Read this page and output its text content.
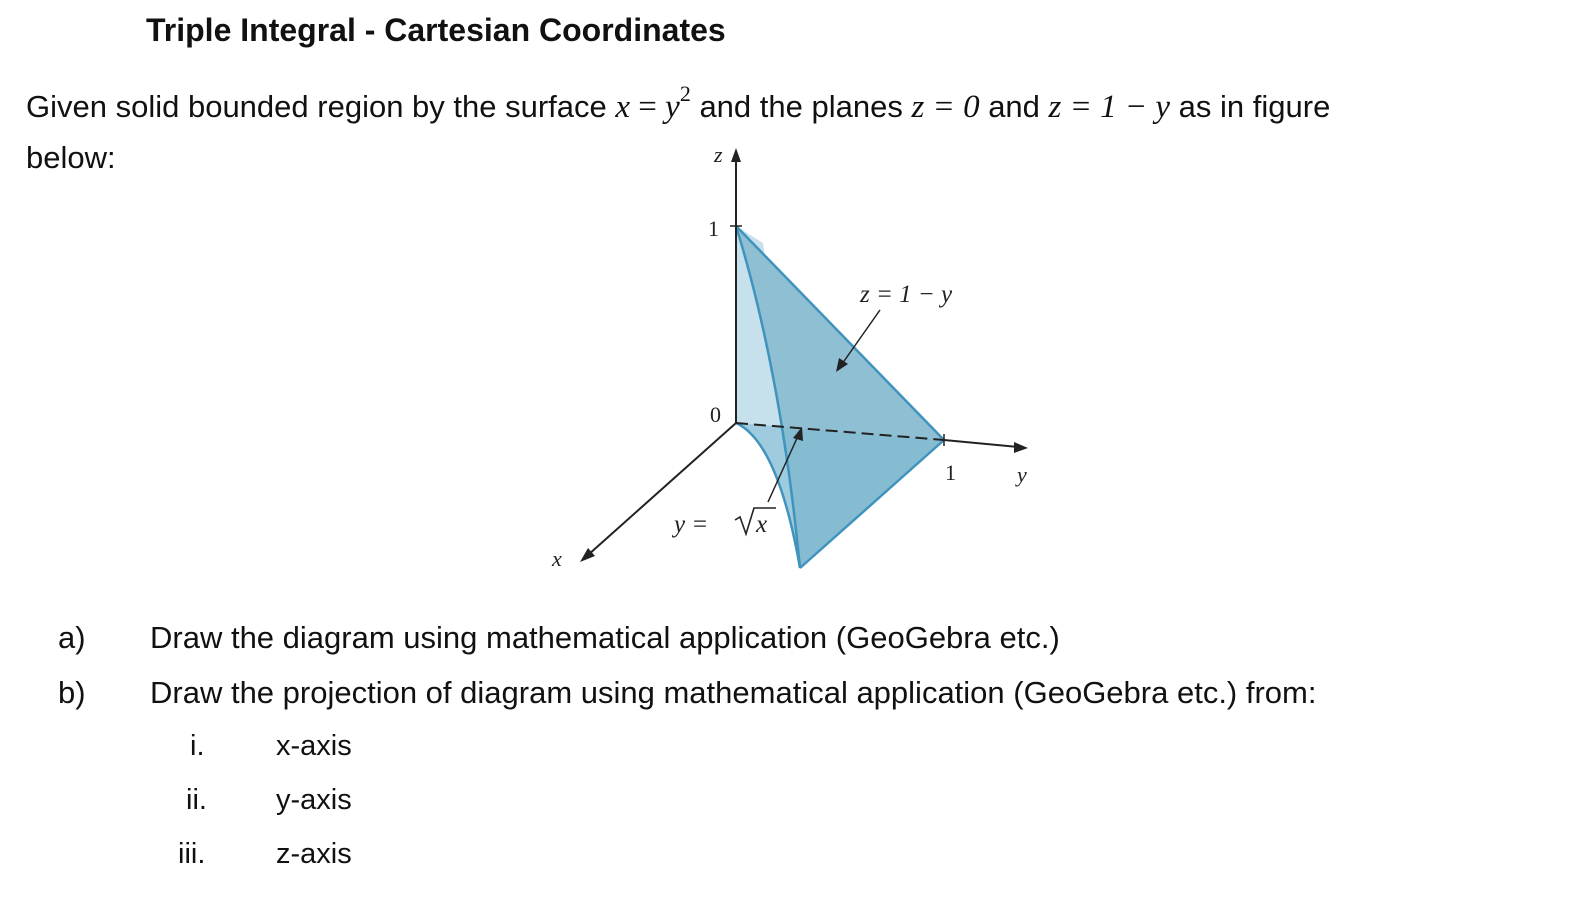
Triple Integral - Cartesian Coordinates
Given solid bounded region by the surface $x = y^2$ and the planes z = 0 and z = 1 − y as in figure
below:	z
1
0
1	y
x
z = 1 − y
y = x
a) Draw the diagram using mathematical application (GeoGebra etc.)
b) Draw the projection of diagram using mathematical application (GeoGebra etc.) from:
i. x-axis
ii. y-axis
iii. z-axis
